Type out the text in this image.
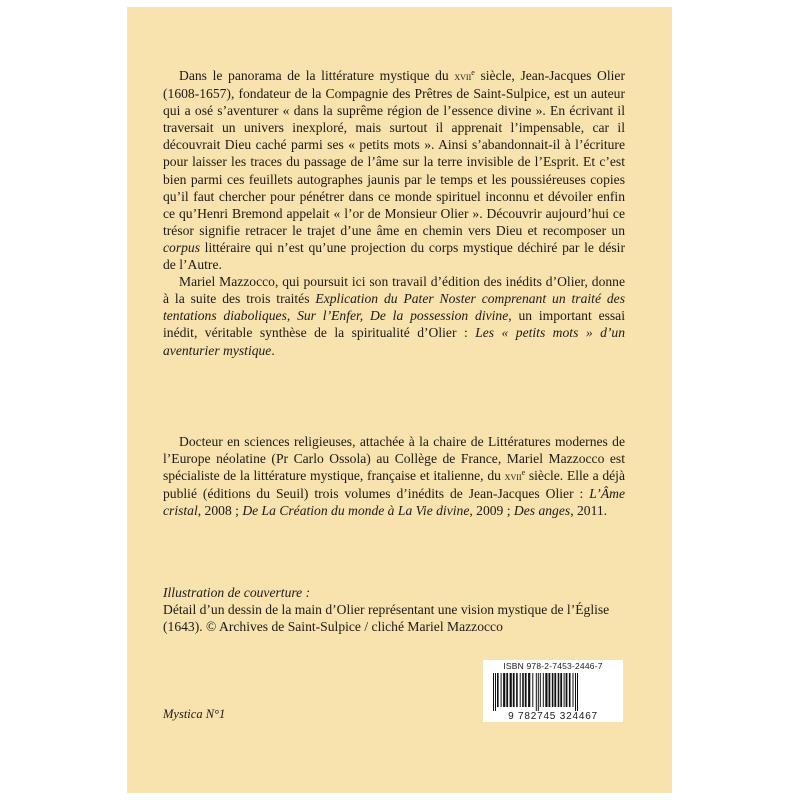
Dans le panorama de la littérature mystique du xvii$^e$ siècle, Jean-Jacques Olier (1608-1657), fondateur de la Compagnie des Prêtres de Saint-Sulpice, est un auteur qui a osé s’aventurer « dans la suprême région de l’essence divine ». En écrivant il traversait un univers inexploré, mais surtout il apprenait l’impensable, car il découvrait Dieu caché parmi ses « petits mots ». Ainsi s’abandonnait-il à l’écriture pour laisser les traces du passage de l’âme sur la terre invisible de l’Esprit. Et c’est bien parmi ces feuillets autographes jaunis par le temps et les poussiéreuses copies qu’il faut chercher pour pénétrer dans ce monde spirituel inconnu et dévoiler enfin ce qu’Henri Bremond appelait « l’or de Monsieur Olier ». Découvrir aujourd’hui ce trésor signifie retracer le trajet d’une âme en chemin vers Dieu et recomposer un corpus littéraire qui n’est qu’une projection du corps mystique déchiré par le désir de l’Autre.

Mariel Mazzocco, qui poursuit ici son travail d’édition des inédits d’Olier, donne à la suite des trois traités Explication du Pater Noster comprenant un traité des tentations diaboliques, Sur l’Enfer, De la possession divine, un important essai inédit, véritable synthèse de la spiritualité d’Olier : Les « petits mots » d’un aventurier mystique.

Docteur en sciences religieuses, attachée à la chaire de Littératures modernes de l’Europe néolatine (Pr Carlo Ossola) au Collège de France, Mariel Mazzocco est spécialiste de la littérature mystique, française et italienne, du xvii$^e$ siècle. Elle a déjà publié (éditions du Seuil) trois volumes d’inédits de Jean-Jacques Olier : L’Âme cristal, 2008 ; De La Création du monde à La Vie divine, 2009 ; Des anges, 2011.

Illustration de couverture :
Détail d’un dessin de la main d’Olier représentant une vision mystique de l’Église (1643). © Archives de Saint-Sulpice / cliché Mariel Mazzocco
Mystica N°1
ISBN 978-2-7453-2446-7
9 782745 324467
